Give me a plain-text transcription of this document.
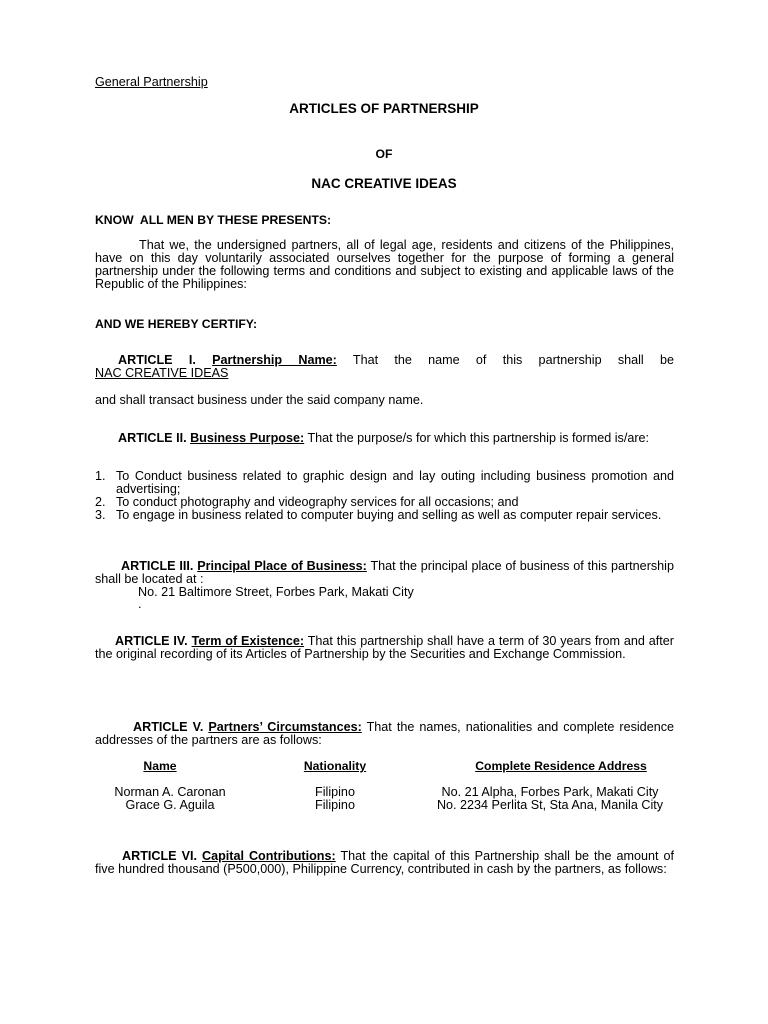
General Partnership
ARTICLES OF PARTNERSHIP
OF
NAC CREATIVE IDEAS
KNOW  ALL MEN BY THESE PRESENTS:
That we, the undersigned partners, all of legal age, residents and citizens of the Philippines, have on this day voluntarily associated ourselves together for the purpose of forming a general partnership under the following terms and conditions and subject to existing and applicable laws of the Republic of the Philippines:
AND WE HEREBY CERTIFY:
ARTICLE I. Partnership Name: That the name of this partnership shall be
NAC CREATIVE IDEAS
and shall transact business under the said company name.
ARTICLE II. Business Purpose: That the purpose/s for which this partnership is formed is/are:
1. To Conduct business related to graphic design and lay outing including business promotion and advertising;
2. To conduct photography and videography services for all occasions; and
3. To engage in business related to computer buying and selling as well as computer repair services.
ARTICLE III. Principal Place of Business: That the principal place of business of this partnership shall be located at :
No. 21 Baltimore Street, Forbes Park, Makati City
.
ARTICLE IV. Term of Existence: That this partnership shall have a term of 30 years from and after the original recording of its Articles of Partnership by the Securities and Exchange Commission.
ARTICLE V. Partners’ Circumstances: That the names, nationalities and complete residence addresses of the partners are as follows:
Name	Nationality	Complete Residence Address
Norman A. Caronan	Filipino	No. 21 Alpha, Forbes Park, Makati City
Grace G. Aguila	Filipino	No. 2234 Perlita St, Sta Ana, Manila City
ARTICLE VI. Capital Contributions: That the capital of this Partnership shall be the amount of five hundred thousand (P500,000), Philippine Currency, contributed in cash by the partners, as follows:
